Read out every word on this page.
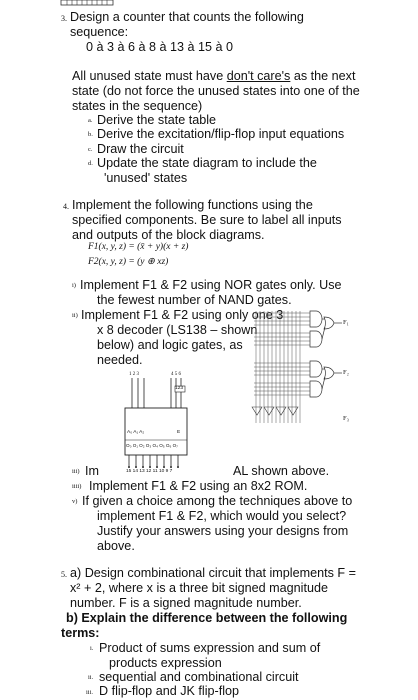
3. Design a counter that counts the following
sequence:
0 à 3 à 6 à 8 à 13 à 15 à 0
All unused state must have don't care's as the next
state (do not force the unused states into one of the
states in the sequence)
a. Derive the state table
b. Derive the excitation/flip-flop input equations
c. Draw the circuit
d. Update the state diagram to include the
'unused' states
4. Implement the following functions using the
specified components. Be sure to label all inputs
and outputs of the block diagrams.
F1(x, y, z) = (x̄ + y)(x + z)
F2(x, y, z) = (y ⊕ xz)
i) Implement F1 & F2 using NOR gates only. Use
the fewest number of NAND gates.
ii) Implement F1 & F2 using only one 3
x 8 decoder (LS138 – shown
below) and logic gates, as
needed.
1 2 3	4 5 6
123
A₀ A₁ A₂	E
O₀ O₁ O₂ O₃ O₄ O₅ O₆ O₇
15 14 13 12 11 10 9 7
F₁
F₂
F₃
iii) Im	AL shown above.
iiii) Implement F1 & F2 using an 8x2 ROM.
v) If given a choice among the techniques above to
implement F1 & F2, which would you select?
Justify your answers using your designs from
above.
5. a) Design combinational circuit that implements F =
x² + 2, where x is a three bit signed magnitude
number. F is a signed magnitude number.
b) Explain the difference between the following
terms:
i. Product of sums expression and sum of
products expression
ii. sequential and combinational circuit
iii. D flip-flop and JK flip-flop
